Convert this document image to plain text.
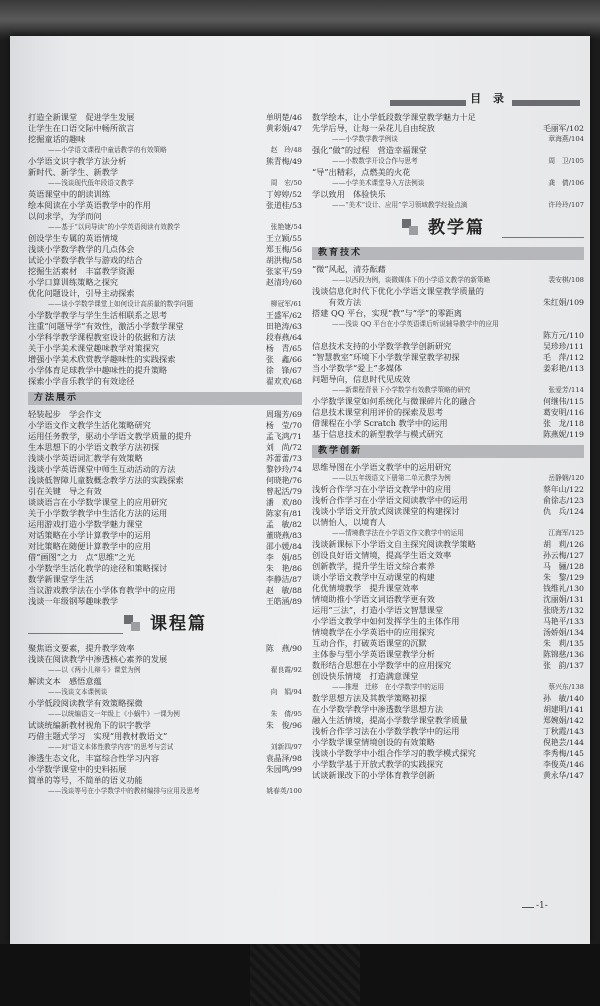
目 录
打造全新课堂　促进学生发展	单明楚/46
让学生在口语交际中畅所欲言	黄彩娟/47
挖掘童话的趣味
——小学语文课程中童话教学的有效策略	赵　玲/48
小学语文识字教学方法分析	熊青梅/49
新时代、新学生、新教学
——浅谈现代低年段语文教学	周　宏/50
英语课堂中的朗读训练	丁婷婷/52
绘本阅读在小学英语教学中的作用	张道桂/53
以问求学，为学而问
——基于“以问导读”的小学英语阅读有效教学	张艳婕/54
创设学生专属的英语情境	王立颖/55
浅谈小学数学教学的几点体会	郑玉梅/56
试论小学数学教学与游戏的结合	胡洪梅/58
挖掘生活素材　丰富教学资源	张家平/59
小学口算训练策略之探究	赵清玲/60
优化问题设计，引导主动探索
——谈小学数学课堂上如何设计高质量的数学问题	柳冠军/61
小学数学教学与学生生活相联系之思考	王盛军/62
注重“问题导学”有效性，激活小学数学课堂	田艳涛/63
小学科学教学课程教室设计的依据和方法	段春燕/64
关于小学美术课堂趣味教学对策探究	杨　青/65
增强小学美术欣赏教学趣味性的实践探索	张　鑫/66
小学体育足球教学中趣味性的提升策略	徐　锋/67
探索小学音乐教学的有效途径	翟欢欢/68
方法展示
轻装起步　学会作文	周瑞芳/69
小学语文作文教学生活化策略研究	杨　莹/70
运用任务教学，驱动小学语文教学质量的提升	孟飞鸿/71
生本思想下的小学语文教学方法初探	刘　尚/72
浅谈小学英语词汇教学有效策略	苏蕾蕾/73
浅谈小学英语课堂中师生互动活动的方法	黎钞玲/74
浅谈低智障儿童数概念教学方法的实践探索	何晓艳/76
引在关键　导之有效	曾起活/79
谈谈语言在小学数学课堂上的应用研究	潘　欢/80
关于小学数学教学中生活化方法的运用	陈家有/81
运用游戏打造小学数学魅力课堂	孟　敏/82
对话策略在小学计算教学中的运用	董晓燕/83
对比策略在随便计算教学中的应用	邵小媛/84
借“画图”之力　点“思维”之光	李　娟/85
小学数学生活化教学的途径和策略探讨	朱　艳/86
数学新课堂学生活	李静洁/87
当议游戏教学法在小学体育教学中的应用	赵　敏/88
浅谈一年级钢琴趣味教学	王皓涵/89
课程篇
聚焦语文要素，提升教学效率	陈　燕/90
浅谈在阅读教学中渗透核心素养的发展
——以《两小儿辩斗》课堂为例	翟良霞/92
解读文本　感悟意蕴
——浅谈文本课例谈	向　娟/94
小学低段阅读教学有效策略探微
——以统编语文一年级上《小蜗牛》一课为例	朱　倩/95
试谈统编新教材视角下的识字教学	朱　俊/96
巧借主题式学习　实现“用教材教语文”
——对“语文本体性教学内容”的思考与尝试	刘新四/97
渗透生态文化，丰富综合性学习内容	袁晶泽/98
小学数学课堂中的史料拓展	朱园鸣/99
简单的等号，不简单的语义功能
——浅谈等号在小学数学中的教材编排与应用及思考	姚春英/100
数学绘本，让小学低段数学课堂教学魅力十足
先学后导，让每一朵花儿自由绽放	毛丽军/102
——小学数学教学例谈	章海燕/104
强化“做”的过程　营造幸福课堂
——小数数学开设合作与思考	周　卫/105
“导”出精彩，点燃美的火花
——小学美术课堂导入方法例谈	龚　倩/106
学以致用　体验快乐
——“美术”设计、应用”学习领域教学经验点滴	许玲玲/107
教学篇
教育技术
“微”风起，清芬酝藉
——以西段为例，谈微媒体下的小学语文教学的新策略	裴安棋/108
浅谈信息化时代下优化小学语文课堂教学质量的
　　有效方法	朱红娟/109
搭建 QQ 平台，实现“教”与“学”的零距离
——浅谈 QQ 平台在小学英语课后听说辅导教学中的应用
陈方元/110
信息技术支持的小学数学教学创新研究	吴珍珍/111
“智慧教室”环境下小学数学课堂教学初探	毛　萍/112
当小学数学“爱上”多媒体	姜彩艳/113
问题导向，信息时代见成效
——新课程背景下小学数学有效教学策略的研究	张爱芳/114
小学数学课堂如何系统化与微课碎片化的融合	何继伟/115
信息技术课堂利用评价的探索及思考	葛安明/116
借课程在小学 Scratch 教学中的运用	张　龙/118
基于信息技术的新型教学与模式研究	陈燕妮/119
教学创新
思维导图在小学语文教学中的运用研究
——以五年级语文下册第二单元教学为例	岳静娴/120
浅析合作学习在小学语文教学中的应用	蔡年山/122
浅析合作学习在小学语文阅读教学中的运用	俞徐志/123
浅谈小学语文开放式阅读课堂的构建探讨	仇　兵/124
以情怡人，以境育人
——情境教学法在小学语文作文教学中的运用	江海军/125
浅谈新课标下小学语文自主探究阅读教学策略	胡　莉/126
创设良好语文情境，提高学生语文效率	孙云梅/127
创新教学，提升学生语文综合素养	马　骊/128
谈小学语文教学中互动课堂的构建	朱　黎/129
化优情境教学　提升课堂效率	钱维礼/130
情境助推小学语文词语教学更有效	沈丽娟/131
运用“三法”，打造小学语文智慧课堂	张晓芳/132
小学语文教学中如何发挥学生的主体作用	马艳平/133
情境教学在小学英语中的应用探究	汤娇娟/134
互动合作，打破英语课堂的沉默	朱　莉/135
主体参与型小学英语课堂教学分析	陈锦慈/136
数形结合思想在小学数学中的应用探究	张　韵/137
创设快乐情境　打造满意课堂
——推理　迁移　在小学数学中的运用	蔡兴东/138
数学思想方法及其教学策略初探	孙　敏/140
在小学数学教学中渗透数学思想方法	胡建明/141
融入生活情境，提高小学数学课堂教学质量	郑婉娟/142
浅析合作学习法在小学数学教学中的运用	丁秋霞/143
小学数学课堂情境创设的有效策略	倪艳芸/144
浅谈小学数学中小组合作学习的教学模式探究	李秀梅/145
小学数学基于开放式教学的实践探究	李俊英/146
试谈新课改下的小学体育教学创新	黄永华/147
-1-
